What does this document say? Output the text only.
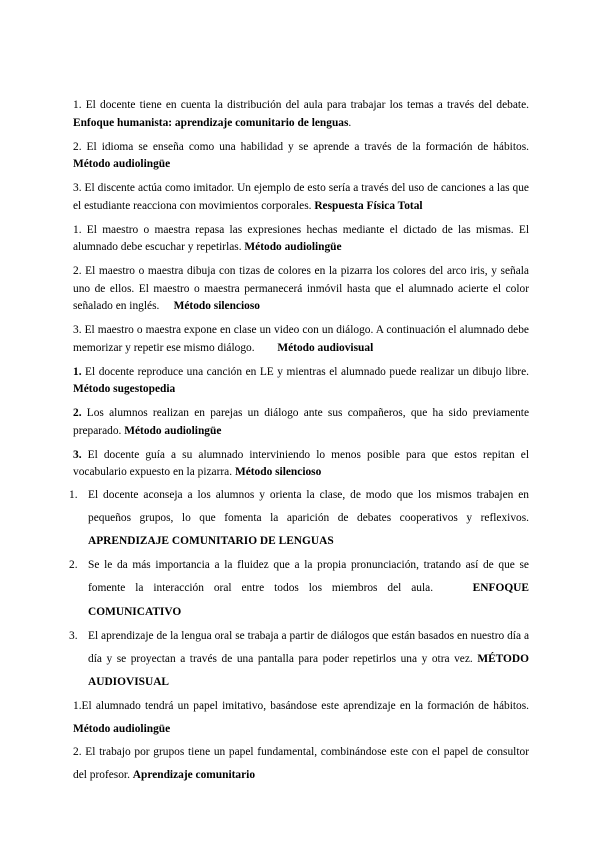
1. El docente tiene en cuenta la distribución del aula para trabajar los temas a través del debate. Enfoque humanista: aprendizaje comunitario de lenguas.

2. El idioma se enseña como una habilidad y se aprende a través de la formación de hábitos. Método audiolingüe

3. El discente actúa como imitador. Un ejemplo de esto sería a través del uso de canciones a las que el estudiante reacciona con movimientos corporales. Respuesta Física Total

1. El maestro o maestra repasa las expresiones hechas mediante el dictado de las mismas. El alumnado debe escuchar y repetirlas. Método audiolingüe

2. El maestro o maestra dibuja con tizas de colores en la pizarra los colores del arco iris, y señala uno de ellos. El maestro o maestra permanecerá inmóvil hasta que el alumnado acierte el color señalado en inglés.     Método silencioso

3. El maestro o maestra expone en clase un video con un diálogo. A continuación el alumnado debe memorizar y repetir ese mismo diálogo.        Método audiovisual

1. El docente reproduce una canción en LE y mientras el alumnado puede realizar un dibujo libre. Método sugestopedia

2. Los alumnos realizan en parejas un diálogo ante sus compañeros, que ha sido previamente preparado. Método audiolingüe

3. El docente guía a su alumnado interviniendo lo menos posible para que estos repitan el vocabulario expuesto en la pizarra. Método silencioso

1. El docente aconseja a los alumnos y orienta la clase, de modo que los mismos trabajen en pequeños grupos, lo que fomenta la aparición de debates cooperativos y reflexivos. APRENDIZAJE COMUNITARIO DE LENGUAS
2. Se le da más importancia a la fluidez que a la propia pronunciación, tratando así de que se fomente la interacción oral entre todos los miembros del aula.    ENFOQUE COMUNICATIVO
3. El aprendizaje de la lengua oral se trabaja a partir de diálogos que están basados en nuestro día a día y se proyectan a través de una pantalla para poder repetirlos una y otra vez. MÉTODO AUDIOVISUAL

1.El alumnado tendrá un papel imitativo, basándose este aprendizaje en la formación de hábitos. Método audiolingüe

2. El trabajo por grupos tiene un papel fundamental, combinándose este con el papel de consultor del profesor. Aprendizaje comunitario
